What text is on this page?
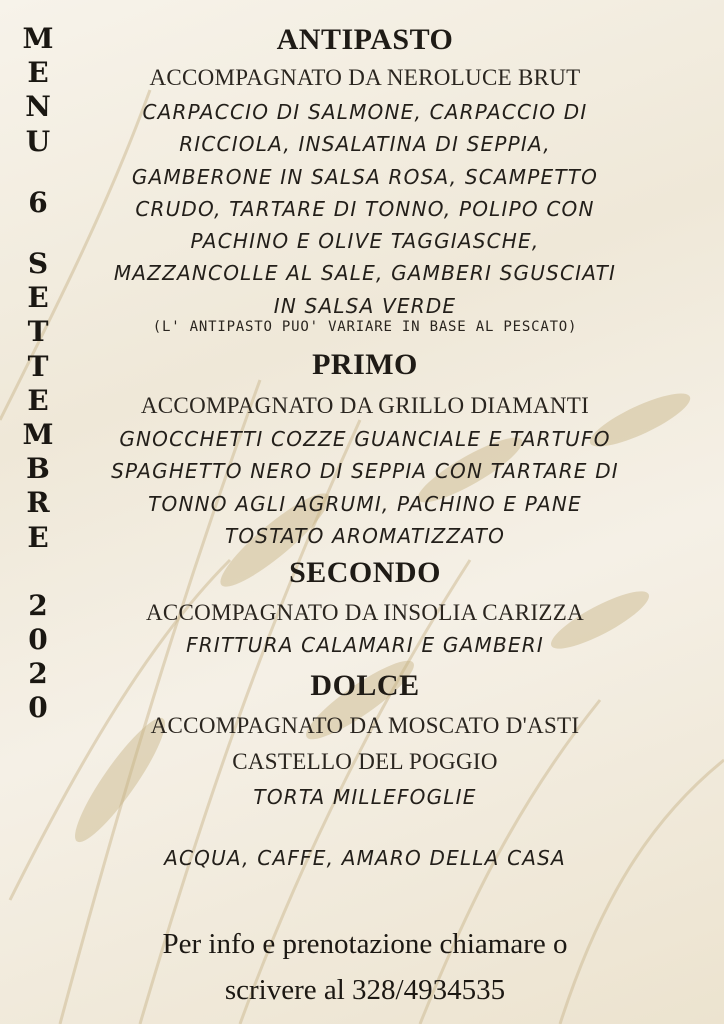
M
E
N
U
6
S
E
T
T
E
M
B
R
E
2
0
2
0
ANTIPASTO
ACCOMPAGNATO DA NEROLUCE BRUT
CARPACCIO DI SALMONE, CARPACCIO DI
RICCIOLA, INSALATINA DI SEPPIA,
GAMBERONE IN SALSA ROSA, SCAMPETTO
CRUDO, TARTARE DI TONNO, POLIPO CON
PACHINO E OLIVE TAGGIASCHE,
MAZZANCOLLE AL SALE, GAMBERI SGUSCIATI
IN SALSA VERDE
(L' ANTIPASTO PUO' VARIARE IN BASE AL PESCATO)
PRIMO
ACCOMPAGNATO DA GRILLO DIAMANTI
GNOCCHETTI COZZE GUANCIALE E TARTUFO
SPAGHETTO NERO DI SEPPIA CON TARTARE DI
TONNO AGLI AGRUMI, PACHINO E PANE
TOSTATO AROMATIZZATO
SECONDO
ACCOMPAGNATO DA INSOLIA CARIZZA
FRITTURA CALAMARI E GAMBERI
DOLCE
ACCOMPAGNATO DA MOSCATO D'ASTI
CASTELLO DEL POGGIO
TORTA MILLEFOGLIE
ACQUA, CAFFE, AMARO DELLA CASA
Per info e prenotazione chiamare o
scrivere al 328/4934535
